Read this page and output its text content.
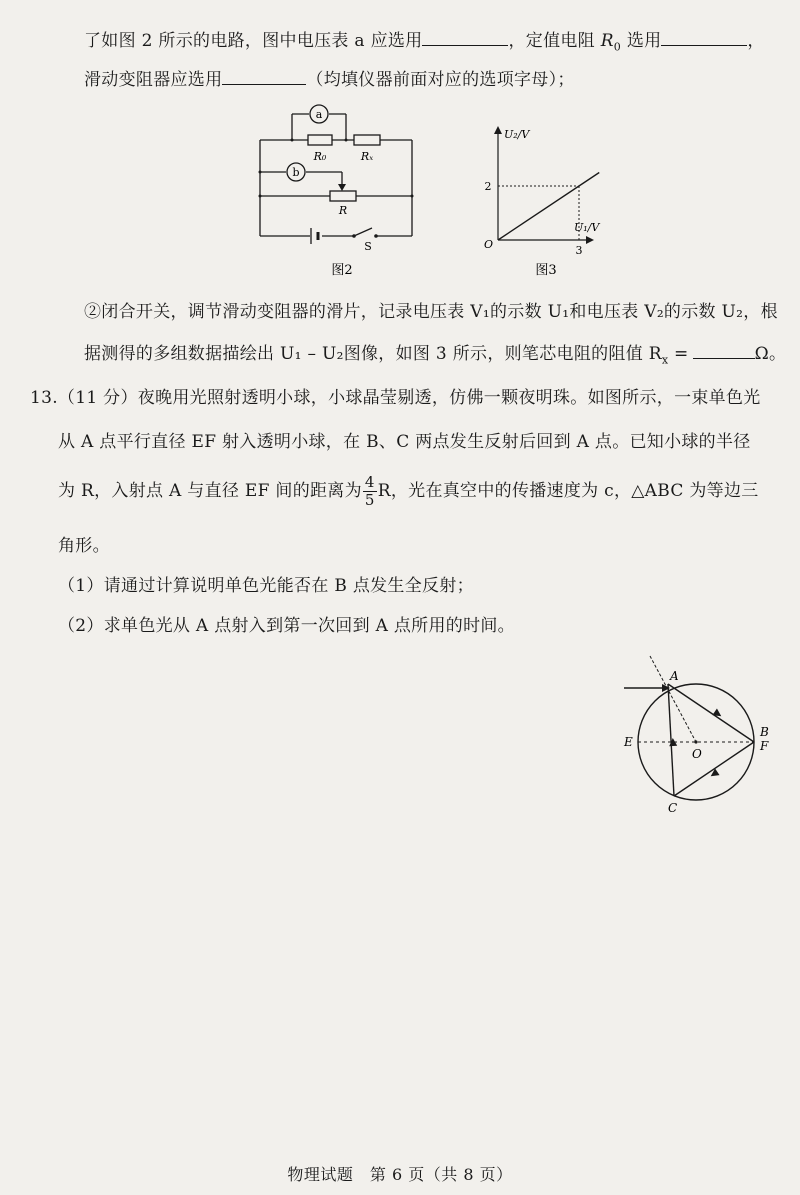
了如图 2 所示的电路，图中电压表 a 应选用	，定值电阻 $R_0$ 选用	，
滑动变阻器应选用	（均填仪器前面对应的选项字母）；
a
b
R₀	Rₓ
R
S
图2
U₂/V
U₁/V
O
2
3
图3
②闭合开关，调节滑动变阻器的滑片，记录电压表 V₁的示数 U₁和电压表 V₂的示数 U₂，根
据测得的多组数据描绘出 U₁ – U₂图像，如图 3 所示，则笔芯电阻的阻值 $R_x$ =	Ω。
13.（11 分）夜晚用光照射透明小球，小球晶莹剔透，仿佛一颗夜明珠。如图所示，一束单色光
从 A 点平行直径 EF 射入透明小球，在 B、C 两点发生反射后回到 A 点。已知小球的半径
为 R，入射点 A 与直径 EF 间的距离为 $\frac{4}{5}$ R，光在真空中的传播速度为 c，△ABC 为等边三
角形。
（1）请通过计算说明单色光能否在 B 点发生全反射；
（2）求单色光从 A 点射入到第一次回到 A 点所用的时间。
A
B
F
E
O
C
物理试题　第 6 页（共 8 页）
